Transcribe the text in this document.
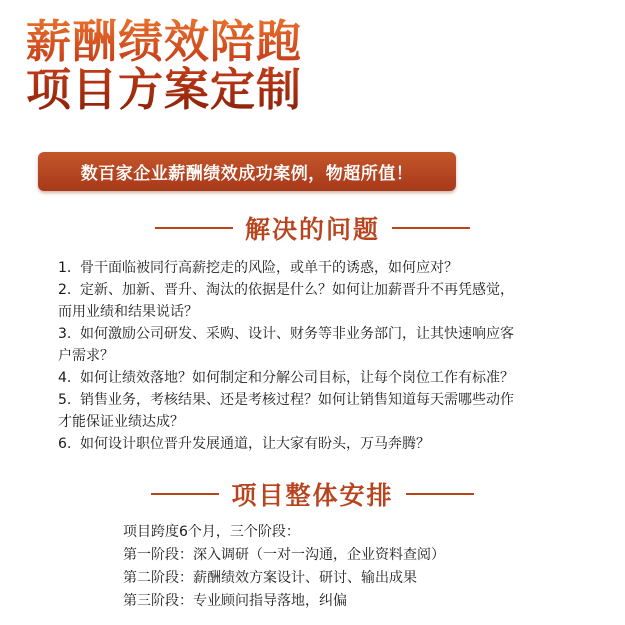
薪酬绩效陪跑
项目方案定制
数百家企业薪酬绩效成功案例，物超所值！
解决的问题
1. 骨干面临被同行高薪挖走的风险，或单干的诱惑，如何应对？
2. 定新、加新、晋升、淘汰的依据是什么？如何让加薪晋升不再凭感觉，
而用业绩和结果说话？
3. 如何激励公司研发、采购、设计、财务等非业务部门，让其快速响应客
户需求？
4. 如何让绩效落地？如何制定和分解公司目标，让每个岗位工作有标准？
5. 销售业务，考核结果、还是考核过程？如何让销售知道每天需哪些动作
才能保证业绩达成？
6. 如何设计职位晋升发展通道，让大家有盼头，万马奔腾？
项目整体安排
项目跨度6个月，三个阶段：
第一阶段：深入调研（一对一沟通，企业资料查阅）
第二阶段：薪酬绩效方案设计、研讨、输出成果
第三阶段：专业顾问指导落地，纠偏
